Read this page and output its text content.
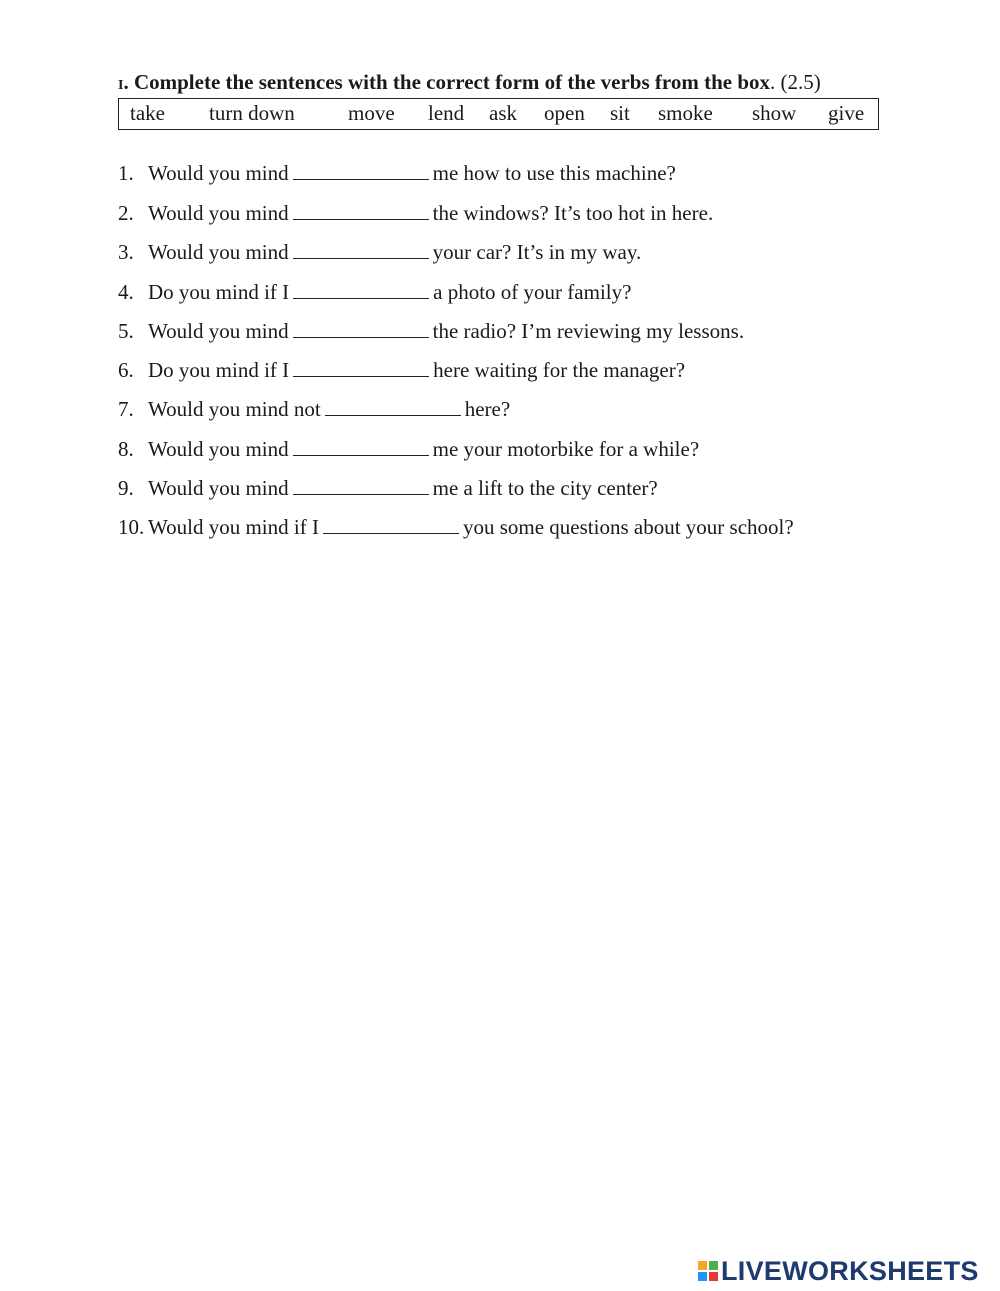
I. Complete the sentences with the correct form of the verbs from the box. (2.5)
take turn down	move lend ask open sit smoke show give
1. Would you mind	me how to use this machine?
2. Would you mind	the windows? It’s too hot in here.
3. Would you mind	your car? It’s in my way.
4. Do you mind if I	a photo of your family?
5. Would you mind	the radio? I’m reviewing my lessons.
6. Do you mind if I	here waiting for the manager?
7. Would you mind not	here?
8. Would you mind	me your motorbike for a while?
9. Would you mind	me a lift to the city center?
10. Would you mind if I	you some questions about your school?
LIVEWORKSHEETS
